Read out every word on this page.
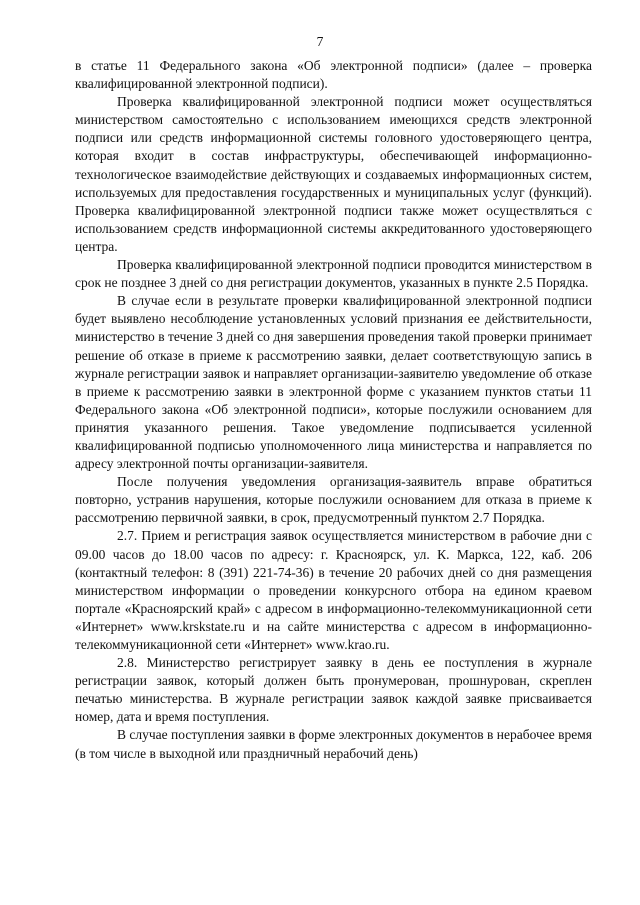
7

в статье 11 Федерального закона «Об электронной подписи» (далее – проверка квалифицированной электронной подписи).

Проверка квалифицированной электронной подписи может осуществляться министерством самостоятельно с использованием имеющихся средств электронной подписи или средств информационной системы головного удостоверяющего центра, которая входит в состав инфраструктуры, обеспечивающей информационно-технологическое взаимодействие действующих и создаваемых информационных систем, используемых для предоставления государственных и муниципальных услуг (функций). Проверка квалифицированной электронной подписи также может осуществляться с использованием средств информационной системы аккредитованного удостоверяющего центра.

Проверка квалифицированной электронной подписи проводится министерством в срок не позднее 3 дней со дня регистрации документов, указанных в пункте 2.5 Порядка.

В случае если в результате проверки квалифицированной электронной подписи будет выявлено несоблюдение установленных условий признания ее действительности, министерство в течение 3 дней со дня завершения проведения такой проверки принимает решение об отказе в приеме к рассмотрению заявки, делает соответствующую запись в журнале регистрации заявок и направляет организации-заявителю уведомление об отказе в приеме к рассмотрению заявки в электронной форме с указанием пунктов статьи 11 Федерального закона «Об электронной подписи», которые послужили основанием для принятия указанного решения. Такое уведомление подписывается усиленной квалифицированной подписью уполномоченного лица министерства и направляется по адресу электронной почты организации-заявителя.

После получения уведомления организация-заявитель вправе обратиться повторно, устранив нарушения, которые послужили основанием для отказа в приеме к рассмотрению первичной заявки, в срок, предусмотренный пунктом 2.7 Порядка.

2.7. Прием и регистрация заявок осуществляется министерством в рабочие дни с 09.00 часов до 18.00 часов по адресу: г. Красноярск, ул. К. Маркса, 122, каб. 206 (контактный телефон: 8 (391) 221-74-36) в течение 20 рабочих дней со дня размещения министерством информации о проведении конкурсного отбора на едином краевом портале «Красноярский край» с адресом в информационно-телекоммуникационной сети «Интернет» www.krskstate.ru и на сайте министерства с адресом в информационно-телекоммуникационной сети «Интернет» www.krao.ru.

2.8. Министерство регистрирует заявку в день ее поступления в журнале регистрации заявок, который должен быть пронумерован, прошнурован, скреплен печатью министерства. В журнале регистрации заявок каждой заявке присваивается номер, дата и время поступления.

В случае поступления заявки в форме электронных документов в нерабочее время (в том числе в выходной или праздничный нерабочий день)
